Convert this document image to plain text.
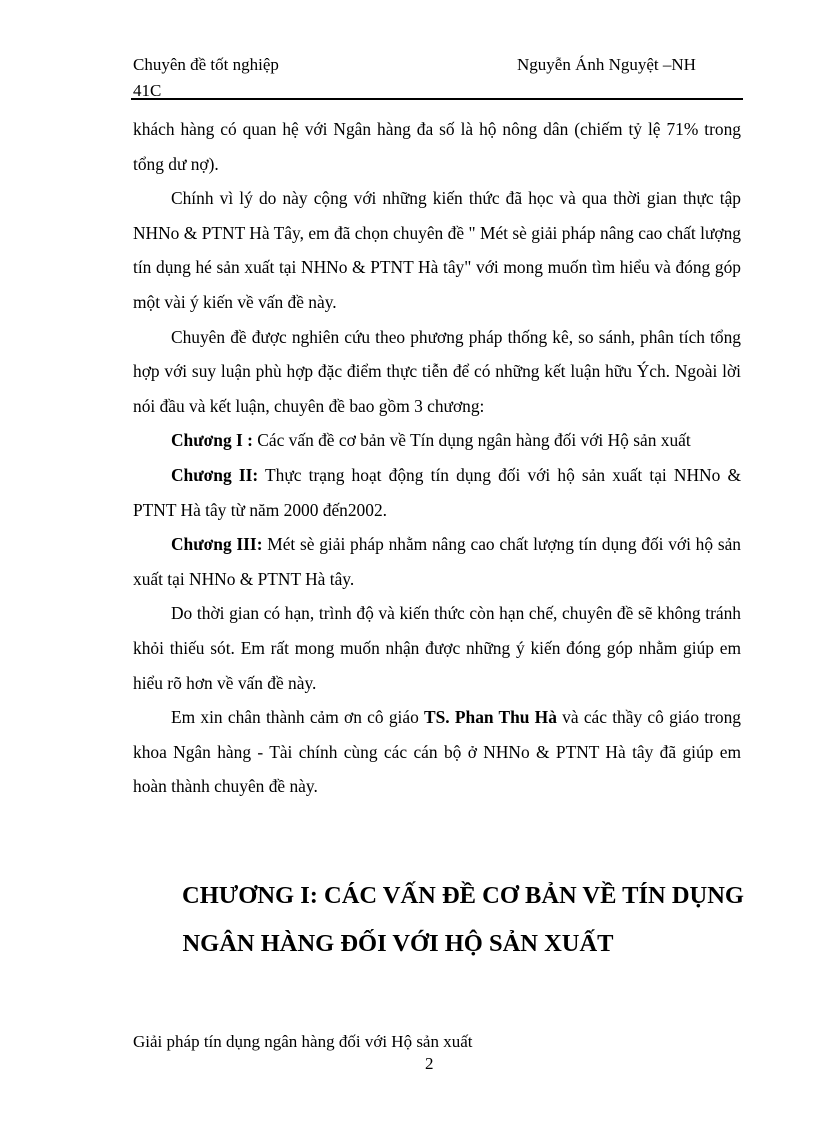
Chuyên đề tốt nghiệp
41C
Nguyễn Ánh Nguyệt –NH

khách hàng có quan hệ với Ngân hàng đa số là hộ nông dân (chiếm tỷ lệ 71% trong tổng dư nợ).

Chính vì lý do này cộng với những kiến thức đã học và qua thời gian thực tập NHNo & PTNT Hà Tây, em đã chọn chuyên đề " Mét sè giải pháp nâng cao chất lượng tín dụng hé sản xuất tại NHNo & PTNT Hà tây" với mong muốn tìm hiểu và đóng góp một vài ý kiến về vấn đề này.

Chuyên đề được nghiên cứu theo phương pháp thống kê, so sánh, phân tích tổng hợp với suy luận phù hợp đặc điểm thực tiễn để có những kết luận hữu Ých. Ngoài lời nói đầu và kết luận, chuyên đề bao gồm 3 chương:

Chương I : Các vấn đề cơ bản về Tín dụng ngân hàng đối với Hộ sản xuất

Chương II: Thực trạng hoạt động tín dụng đối với hộ sản xuất tại NHNo & PTNT Hà tây từ năm 2000 đến2002.

Chương III: Mét sè giải pháp nhằm nâng cao chất lượng tín dụng đối với hộ sản xuất tại NHNo & PTNT Hà tây.

Do thời gian có hạn, trình độ và kiến thức còn hạn chế, chuyên đề sẽ không tránh khỏi thiếu sót. Em rất mong muốn nhận được những ý kiến đóng góp nhằm giúp em hiểu rõ hơn về vấn đề này.

Em xin chân thành cảm ơn cô giáo TS. Phan Thu Hà và các thầy cô giáo trong khoa Ngân hàng - Tài chính cùng các cán bộ ở NHNo & PTNT Hà tây đã giúp em hoàn thành chuyên đề này.

CHƯƠNG I: CÁC VẤN ĐỀ CƠ BẢN VỀ TÍN DỤNG
NGÂN HÀNG ĐỐI VỚI HỘ SẢN XUẤT
Giải pháp tín dụng ngân hàng đối với Hộ sản xuất
2
